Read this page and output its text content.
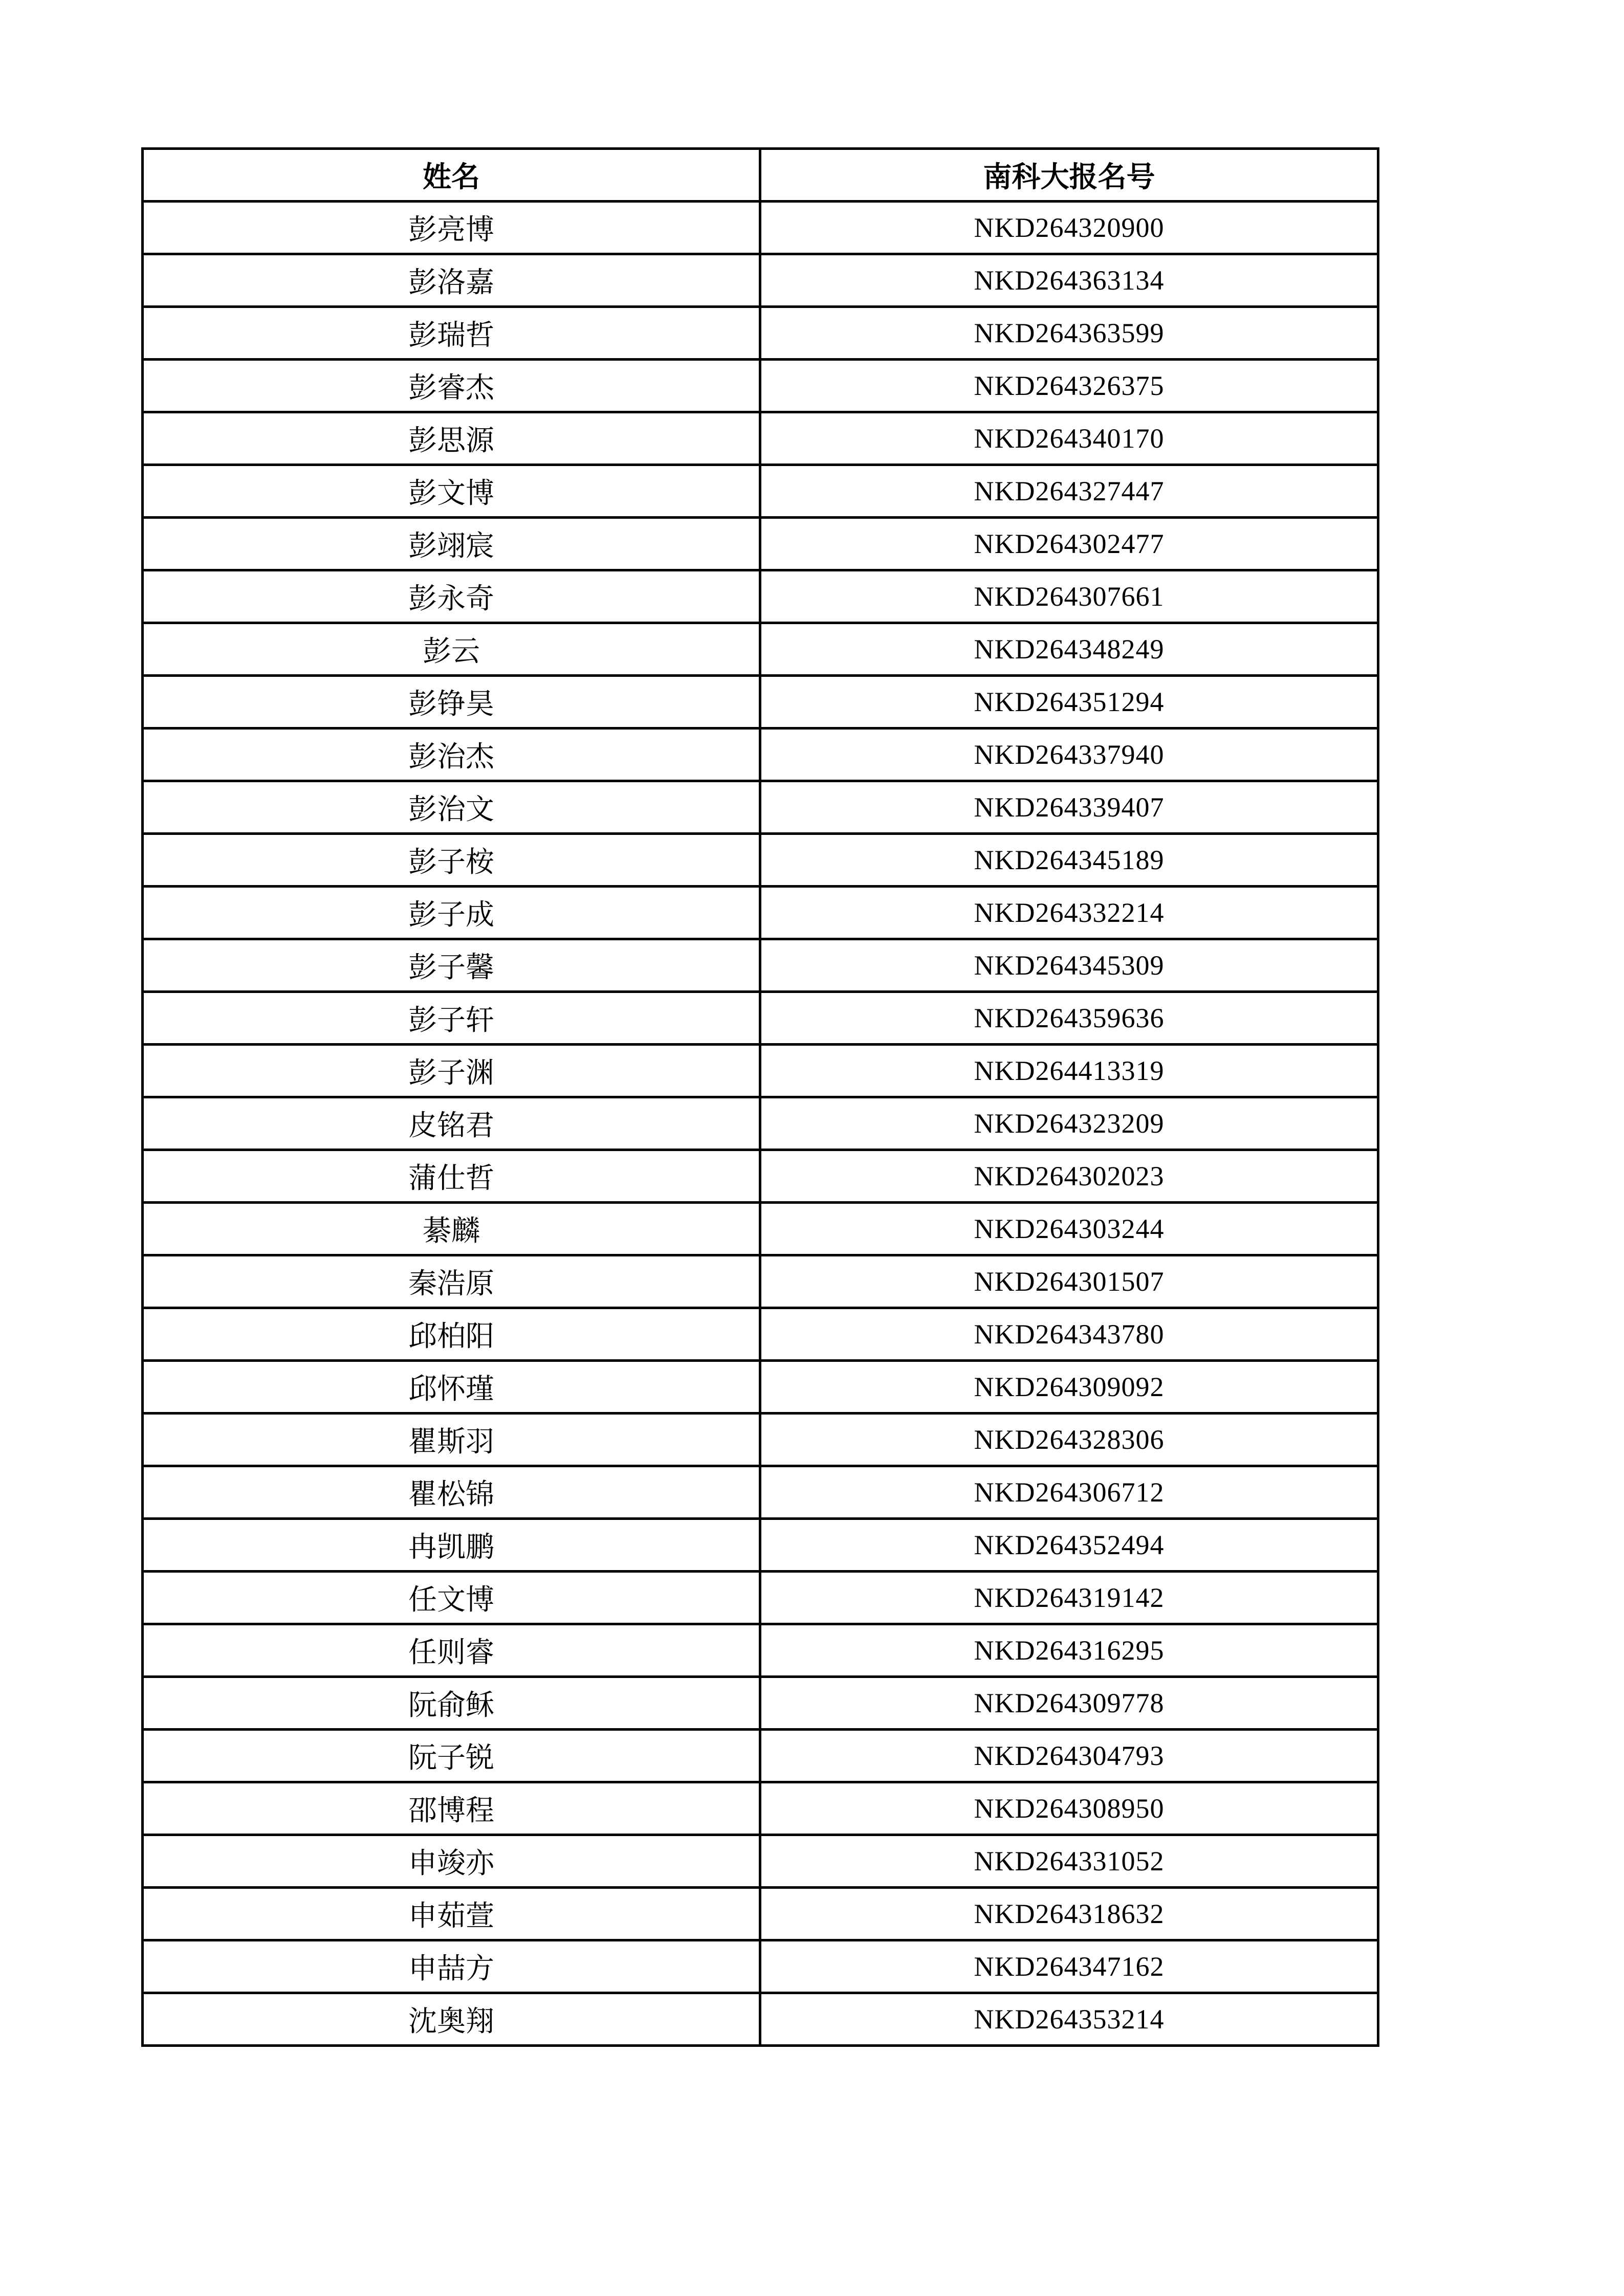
姓名	南科大报名号
彭亮博	NKD264320900
彭洛嘉	NKD264363134
彭瑞哲	NKD264363599
彭睿杰	NKD264326375
彭思源	NKD264340170
彭文博	NKD264327447
彭翊宸	NKD264302477
彭永奇	NKD264307661
彭云	NKD264348249
彭铮昊	NKD264351294
彭治杰	NKD264337940
彭治文	NKD264339407
彭子桉	NKD264345189
彭子成	NKD264332214
彭子馨	NKD264345309
彭子轩	NKD264359636
彭子渊	NKD264413319
皮铭君	NKD264323209
蒲仕哲	NKD264302023
綦麟	NKD264303244
秦浩原	NKD264301507
邱柏阳	NKD264343780
邱怀瑾	NKD264309092
瞿斯羽	NKD264328306
瞿松锦	NKD264306712
冉凯鹏	NKD264352494
任文博	NKD264319142
任则睿	NKD264316295
阮俞稣	NKD264309778
阮子锐	NKD264304793
邵博程	NKD264308950
申竣亦	NKD264331052
申茹萱	NKD264318632
申喆方	NKD264347162
沈奥翔	NKD264353214
